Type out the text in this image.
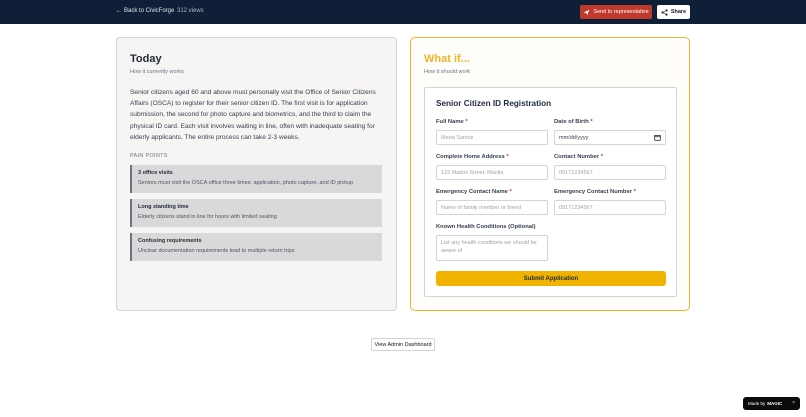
← Back to CivicForge 312 views	Send to representative	Share
Today
How it currently works
Senior citizens aged 60 and above must personally visit the Office of Senior Citizens Affairs (OSCA) to register for their senior citizen ID. The first visit is for application submission, the second for photo capture and biometrics, and the third to claim the physical ID card. Each visit involves waiting in line, often with inadequate seating for elderly applicants. The entire process can take 2-3 weeks.
PAIN POINTS
3 office visits
Seniors must visit the OSCA office three times: application, photo capture, and ID pickup
Long standing time
Elderly citizens stand in line for hours with limited seating
Confusing requirements
Unclear documentation requirements lead to multiple return trips
What if...
How it should work
Senior Citizen ID Registration
Full Name *
Maria Santos
Date of Birth *
mm/dd/yyyy
Complete Home Address *
123 Mabini Street, Manila
Contact Number *
09171234567
Emergency Contact Name *
Name of family member or friend
Emergency Contact Number *
09171234567
Known Health Conditions (Optional)
List any health conditions we should be aware of
Submit Application
View Admin Dashboard
Made by MAGIC ×
